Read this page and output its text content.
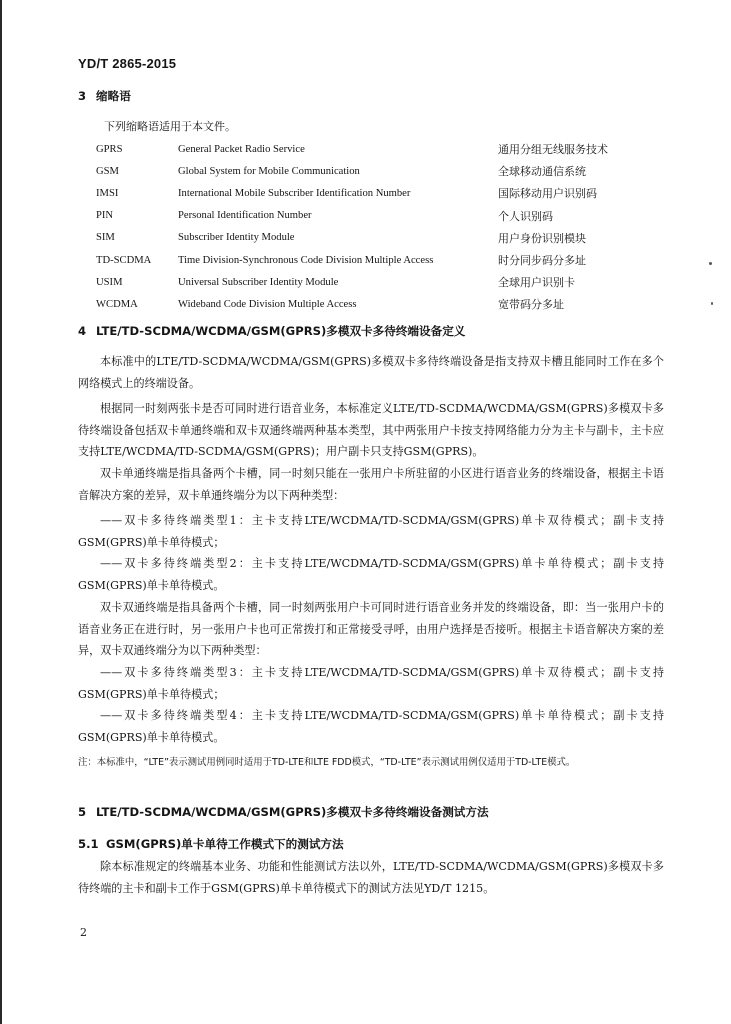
YD/T 2865-2015
3 缩略语
下列缩略语适用于本文件。
GPRS	General Packet Radio Service	通用分组无线服务技术
GSM	Global System for Mobile Communication	全球移动通信系统
IMSI	International Mobile Subscriber Identification Number	国际移动用户识别码
PIN	Personal Identification Number	个人识别码
SIM	Subscriber Identity Module	用户身份识别模块
TD-SCDMA	Time Division-Synchronous Code Division Multiple Access	时分同步码分多址
USIM	Universal Subscriber Identity Module	全球用户识别卡
WCDMA	Wideband Code Division Multiple Access	宽带码分多址
4 LTE/TD-SCDMA/WCDMA/GSM(GPRS)多模双卡多待终端设备定义
本标准中的LTE/TD-SCDMA/WCDMA/GSM(GPRS)多模双卡多待终端设备是指支持双卡槽且能同时工作在多个网络模式上的终端设备。
根据同一时刻两张卡是否可同时进行语音业务，本标准定义LTE/TD-SCDMA/WCDMA/GSM(GPRS)多模双卡多待终端设备包括双卡单通终端和双卡双通终端两种基本类型，其中两张用户卡按支持网络能力分为主卡与副卡，主卡应支持LTE/WCDMA/TD-SCDMA/GSM(GPRS)；用户副卡只支持GSM(GPRS)。
双卡单通终端是指具备两个卡槽，同一时刻只能在一张用户卡所驻留的小区进行语音业务的终端设备，根据主卡语音解决方案的差异，双卡单通终端分为以下两种类型：
——双卡多待终端类型1：主卡支持LTE/WCDMA/TD-SCDMA/GSM(GPRS)单卡双待模式；副卡支持GSM(GPRS)单卡单待模式；
——双卡多待终端类型2：主卡支持LTE/WCDMA/TD-SCDMA/GSM(GPRS)单卡单待模式；副卡支持GSM(GPRS)单卡单待模式。
双卡双通终端是指具备两个卡槽，同一时刻两张用户卡可同时进行语音业务并发的终端设备，即：当一张用户卡的语音业务正在进行时，另一张用户卡也可正常拨打和正常接受寻呼，由用户选择是否接听。根据主卡语音解决方案的差异，双卡双通终端分为以下两种类型：
——双卡多待终端类型3：主卡支持LTE/WCDMA/TD-SCDMA/GSM(GPRS)单卡双待模式；副卡支持GSM(GPRS)单卡单待模式；
——双卡多待终端类型4：主卡支持LTE/WCDMA/TD-SCDMA/GSM(GPRS)单卡单待模式；副卡支持GSM(GPRS)单卡单待模式。
注：本标准中，“LTE”表示测试用例同时适用于TD-LTE和LTE FDD模式，“TD-LTE”表示测试用例仅适用于TD-LTE模式。
5 LTE/TD-SCDMA/WCDMA/GSM(GPRS)多模双卡多待终端设备测试方法
5.1 GSM(GPRS)单卡单待工作模式下的测试方法
除本标准规定的终端基本业务、功能和性能测试方法以外，LTE/TD-SCDMA/WCDMA/GSM(GPRS)多模双卡多待终端的主卡和副卡工作于GSM(GPRS)单卡单待模式下的测试方法见YD/T 1215。
2
